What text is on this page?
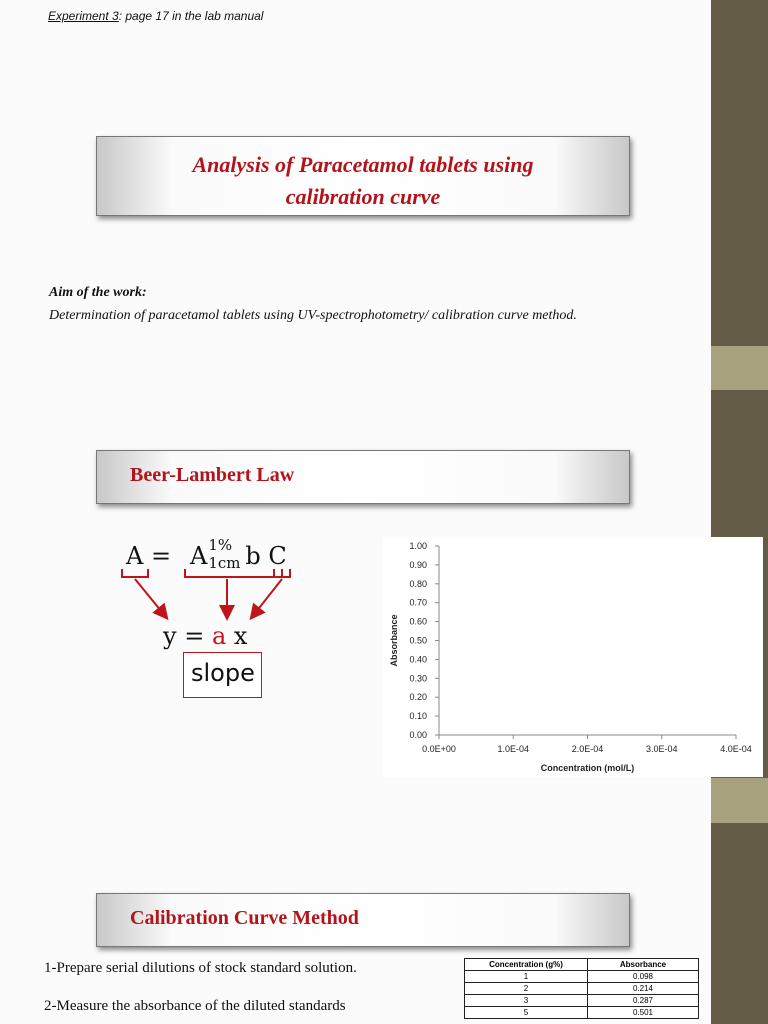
Experiment 3: page 17 in the lab manual
Analysis of Paracetamol tablets using
calibration curve
Aim of the work:
Determination of paracetamol tablets using UV-spectrophotometry/ calibration curve method.
Beer-Lambert Law
A = A 1%
1cm b C
y = a x
slope
0.00
0.10
0.20
0.30
0.40
0.50
0.60
0.70
0.80
0.90
1.00
0.0E+00	1.0E-04	2.0E-04	3.0E-04	4.0E-04
Concentration (mol/L)
Absorbance
Calibration Curve Method
1-Prepare serial dilutions of stock standard solution.
2-Measure the absorbance of the diluted standards
Concentration (g%)	Absorbance
1	0.098
2	0.214
3	0.287
5	0.501
